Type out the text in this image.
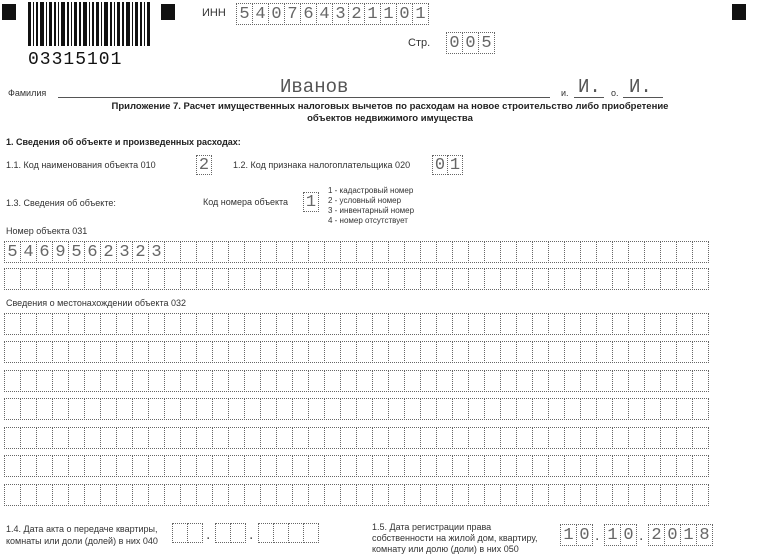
03315101
ИНН 5 4 0 7 6 4 3 2 1 1 0 1
Стр. 0 0 5
Фамилия	Иванов	и. И. о. И.
Приложение 7. Расчет имущественных налоговых вычетов по расходам на новое строительство либо приобретение
объектов недвижимого имущества
1. Сведения об объекте и произведенных расходах:
1.1. Код наименования объекта 010	2	1.2. Код признака налогоплательщика 020 0 1
1.3. Сведения об объекте:	Код номера объекта 1
1 - кадастровый номер
2 - условный номер
3 - инвентарный номер
4 - номер отсутствует
Номер объекта 031
5 4 6 9 5 6 2 3 2 3
Сведения о местонахождении объекта 032
1.4. Дата акта о передаче квартиры,
комнаты или доли (долей) в них 040	. .	1.5. Дата регистрации права
собственности на жилой дом, квартиру,
комнату или долю (доли) в них 050
1 0 . 1 0 . 2 0 1 8
